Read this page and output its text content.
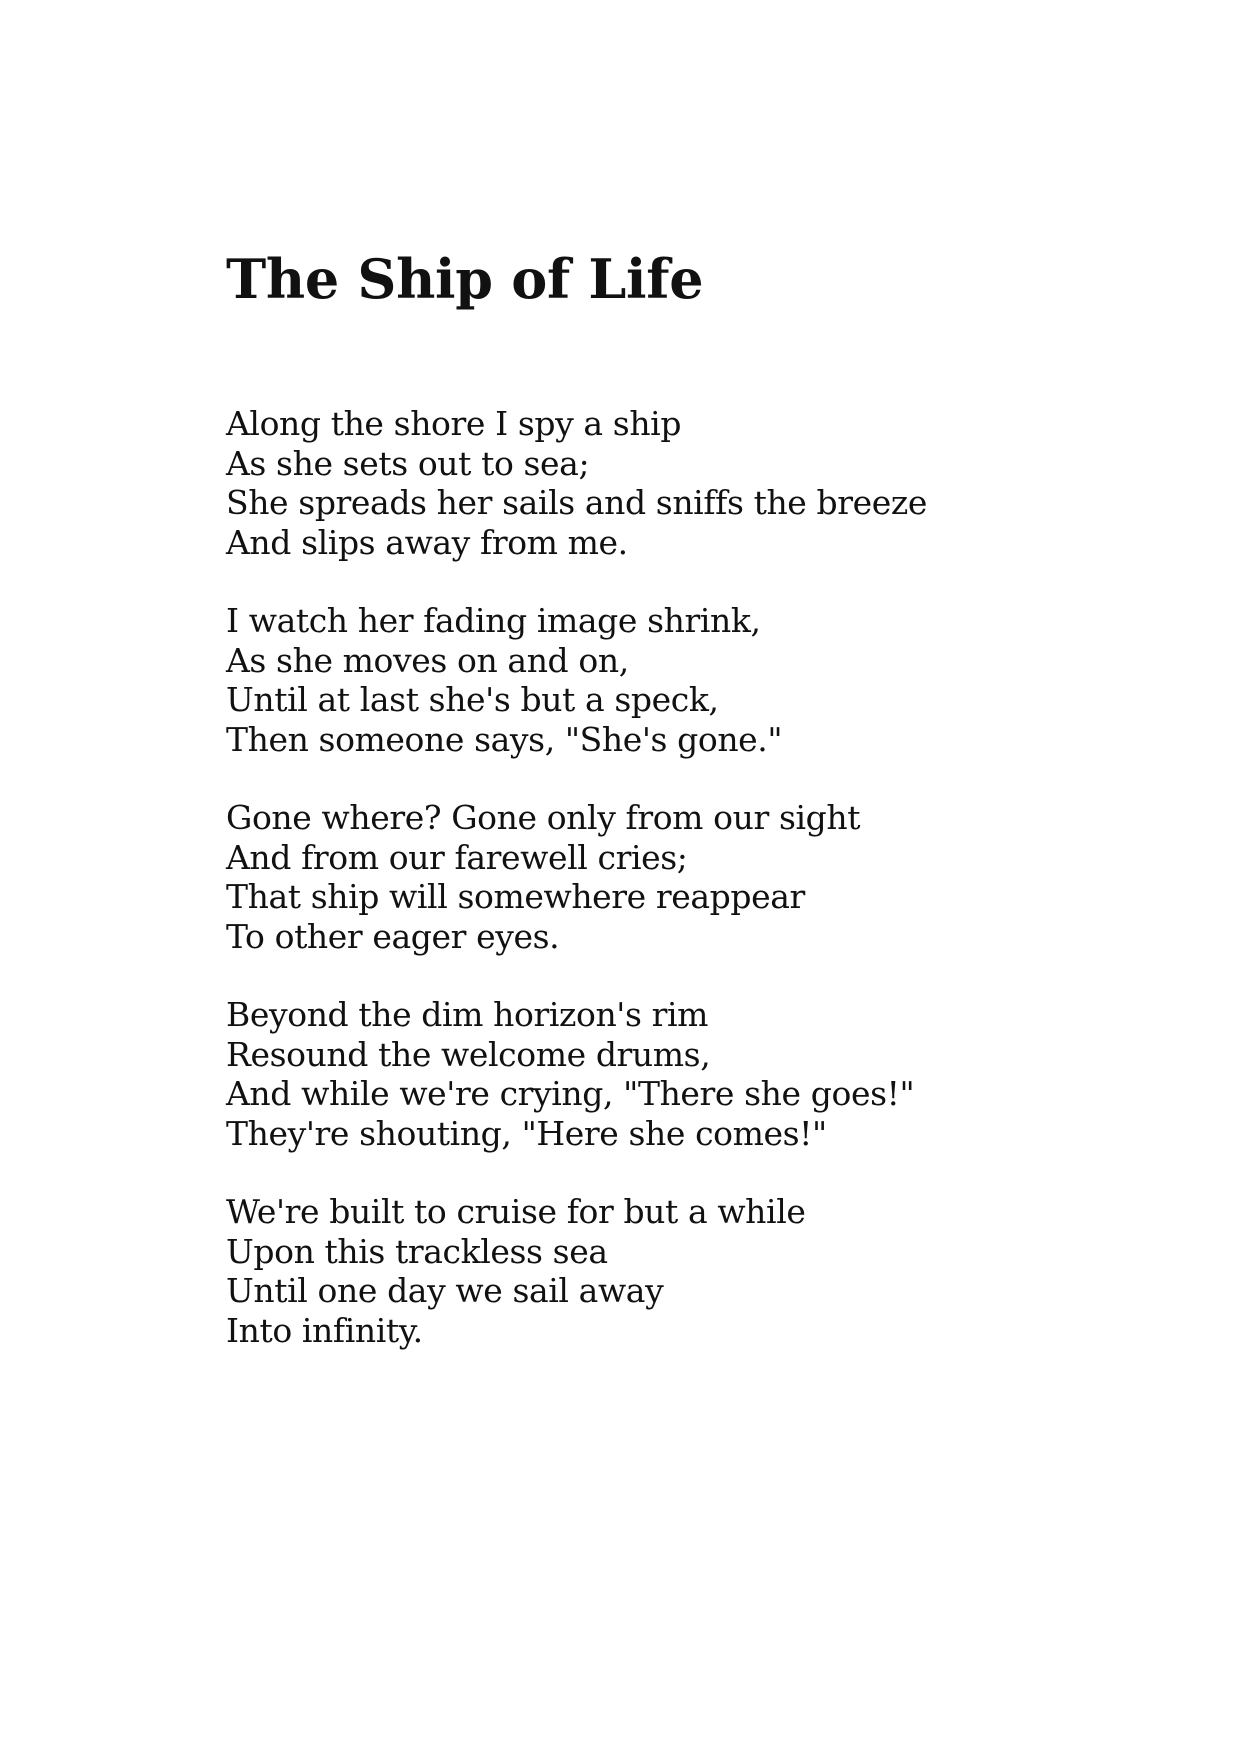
The Ship of Life
Along the shore I spy a ship
As she sets out to sea;
She spreads her sails and sniffs the breeze
And slips away from me.
I watch her fading image shrink,
As she moves on and on,
Until at last she's but a speck,
Then someone says, "She's gone."
Gone where? Gone only from our sight
And from our farewell cries;
That ship will somewhere reappear
To other eager eyes.
Beyond the dim horizon's rim
Resound the welcome drums,
And while we're crying, "There she goes!"
They're shouting, "Here she comes!"
We're built to cruise for but a while
Upon this trackless sea
Until one day we sail away
Into infinity.
